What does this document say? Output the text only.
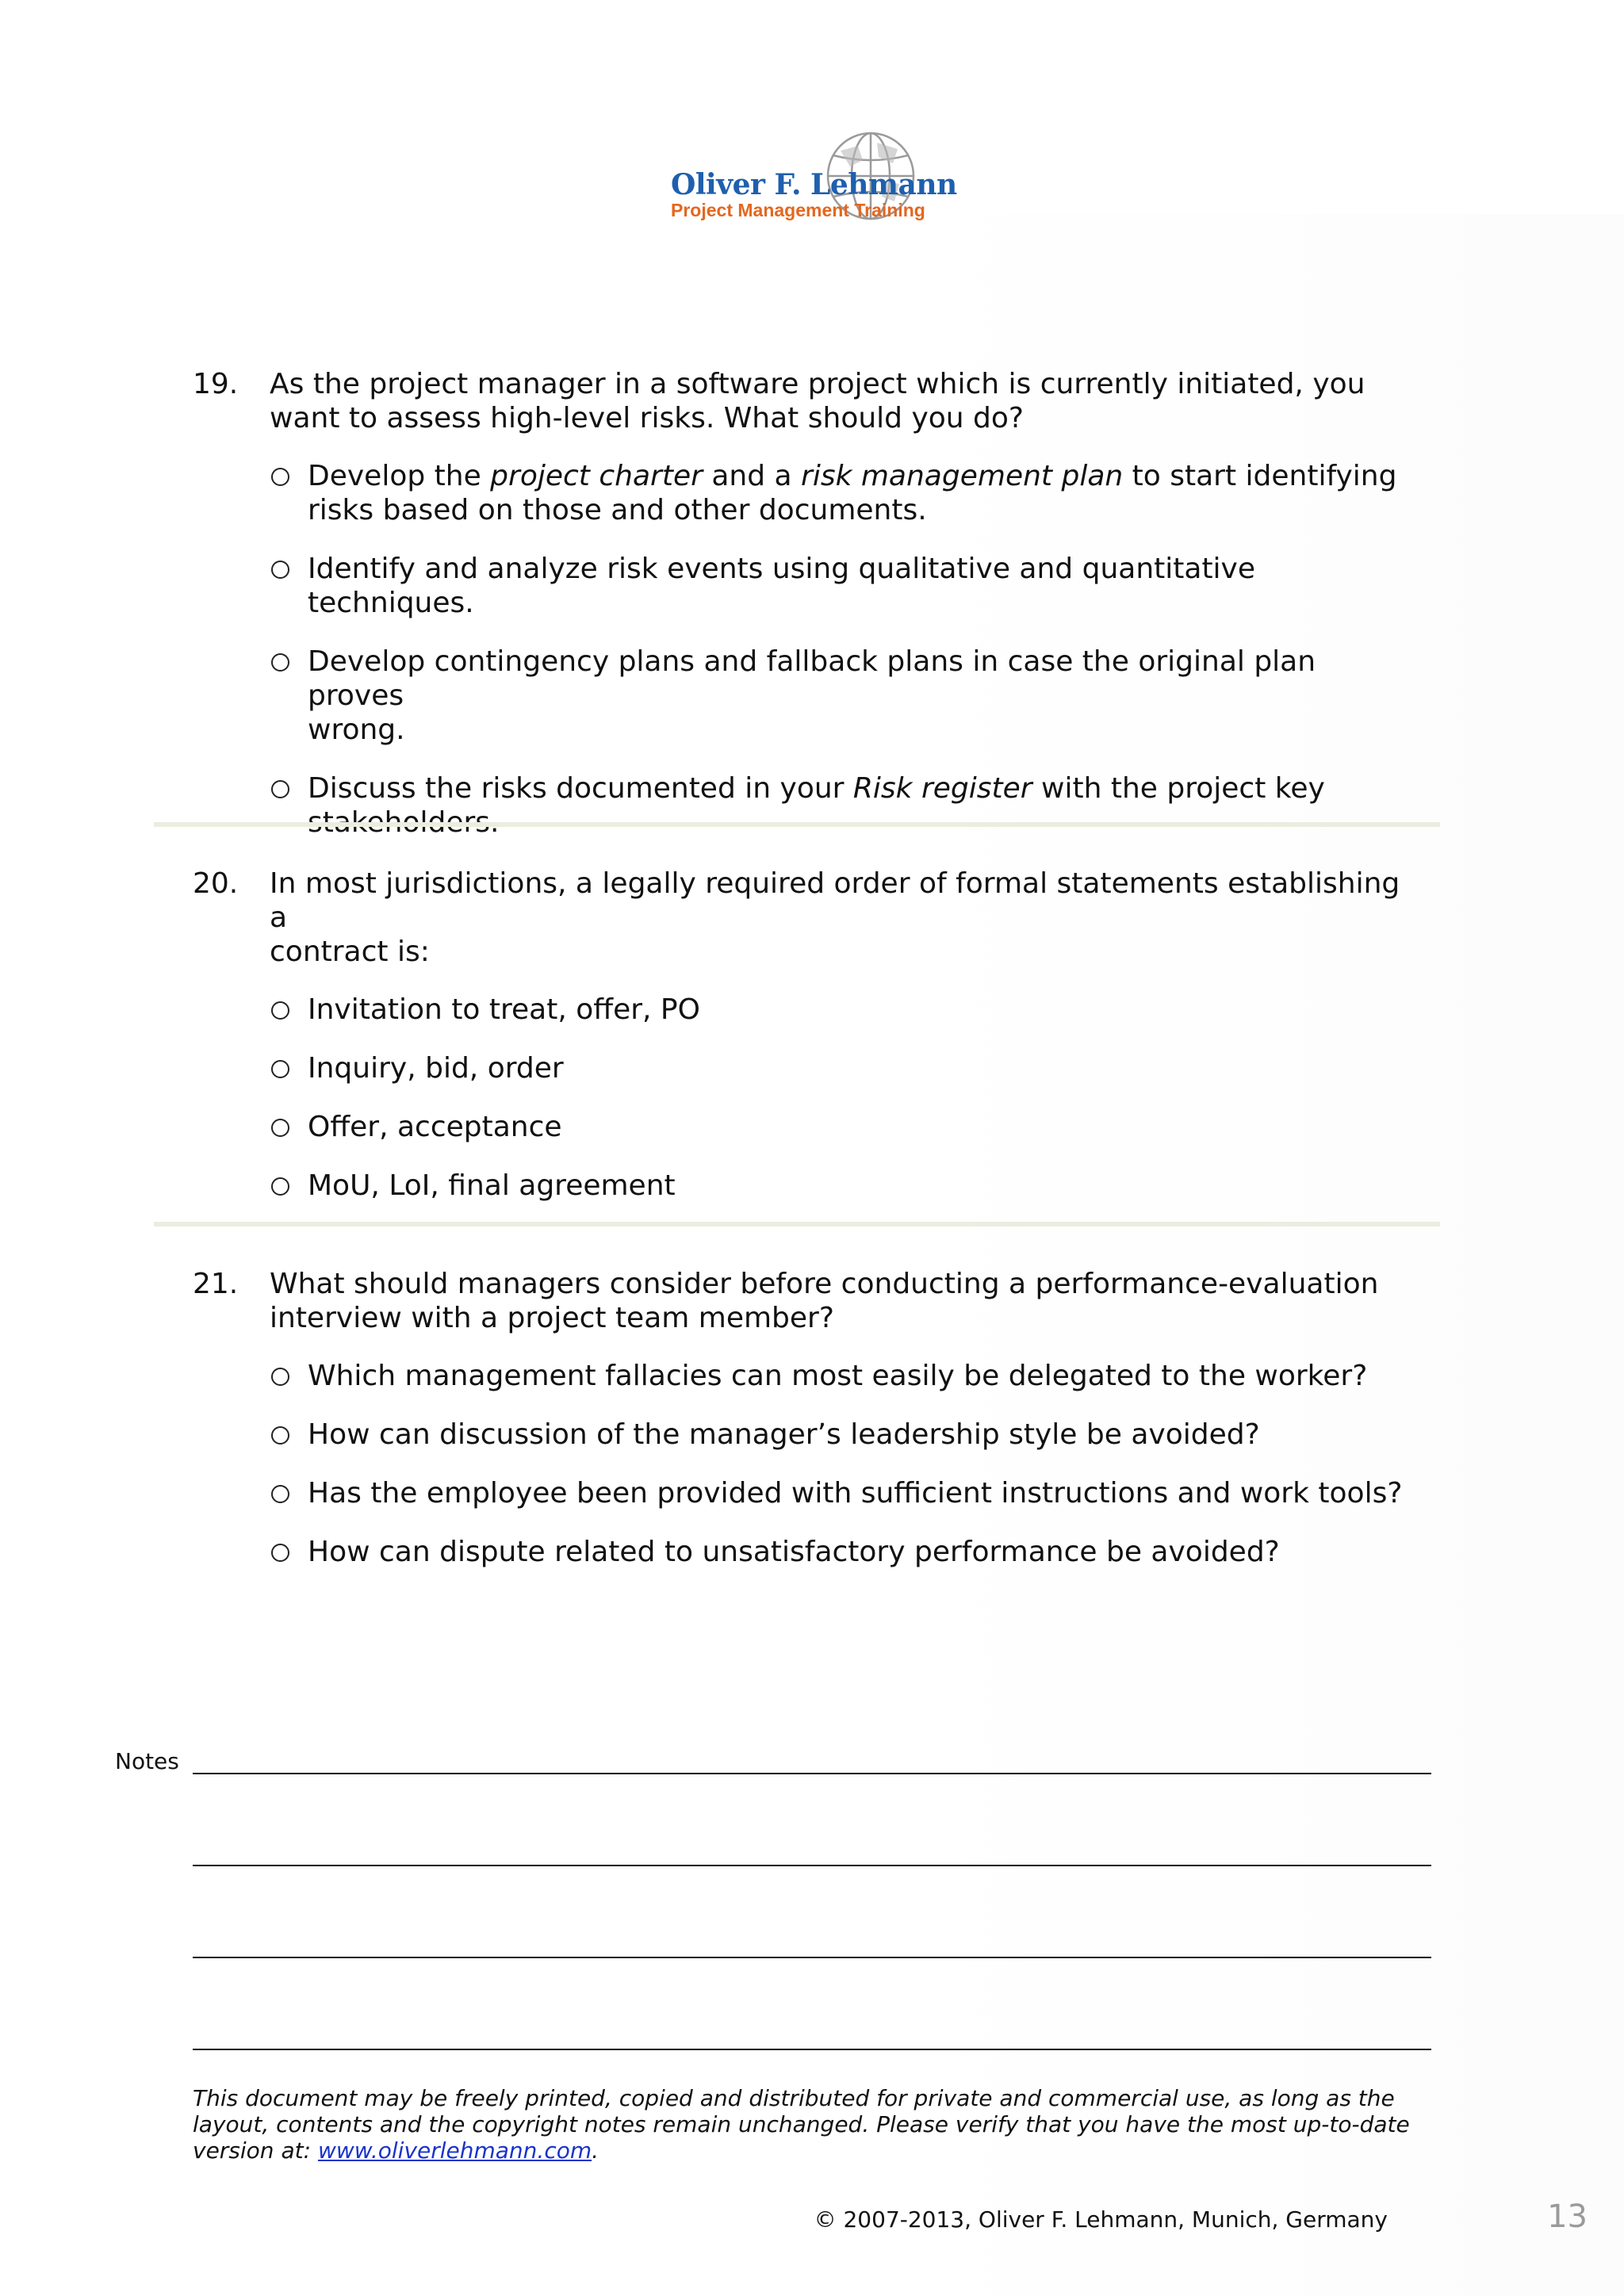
Oliver F. Lehmann
Project Management Training
19. As the project manager in a software project which is currently initiated, you
want to assess high-level risks. What should you do?
Develop the project charter and a risk management plan to start identifying
risks based on those and other documents.
Identify and analyze risk events using qualitative and quantitative techniques.
Develop contingency plans and fallback plans in case the original plan proves
wrong.
Discuss the risks documented in your Risk register with the project key
20. In most jurisdictions, a legally required order of formal statements establishing a
contract is:
Invitation to treat, offer, PO
Inquiry, bid, order
Offer, acceptance
MoU, LoI, final agreement
21. What should managers consider before conducting a performance-evaluation
interview with a project team member?
Which management fallacies can most easily be delegated to the worker?
How can discussion of the manager’s leadership style be avoided?
Has the employee been provided with sufficient instructions and work tools?
How can dispute related to unsatisfactory performance be avoided?
Notes
This document may be freely printed, copied and distributed for private and commercial use, as long as the
layout, contents and the copyright notes remain unchanged. Please verify that you have the most up-to-date
version at: www.oliverlehmann.com.
© 2007-2013, Oliver F. Lehmann, Munich, Germany	13
